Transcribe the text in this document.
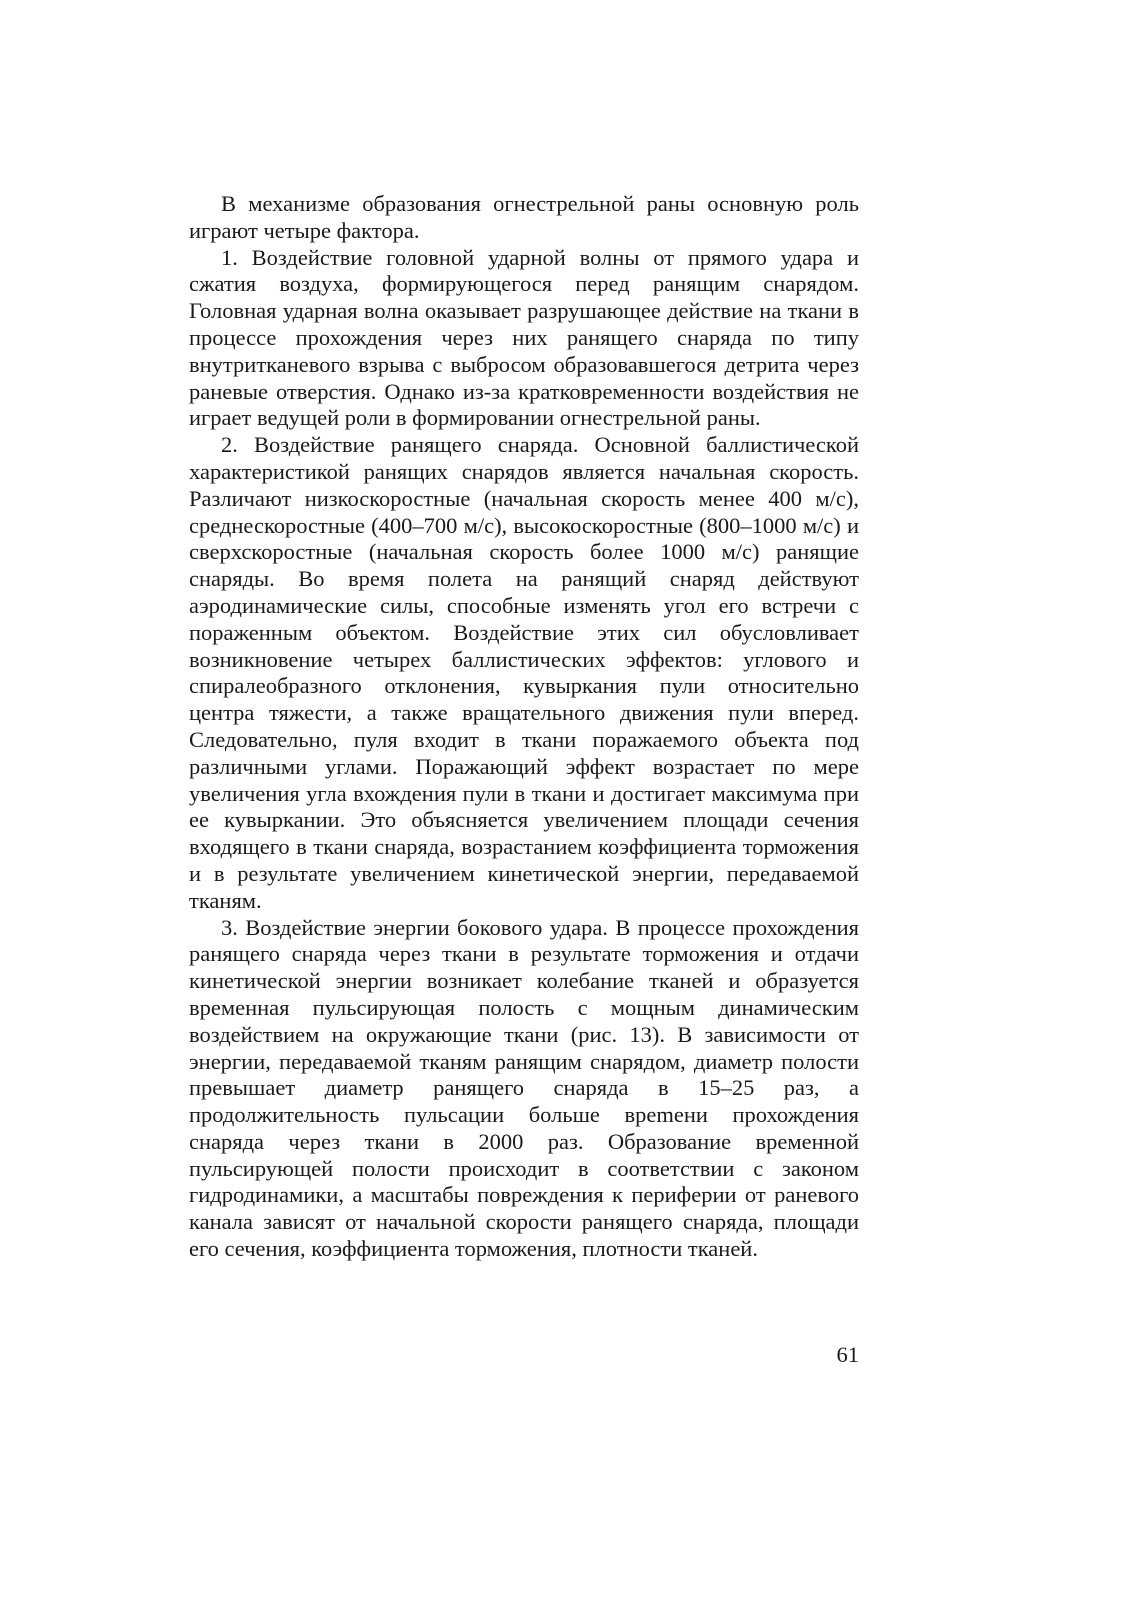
В механизме образования огнестрельной раны основную роль играют четыре фактора.

1. Воздействие головной ударной волны от прямого удара и сжатия воздуха, формирующегося перед ранящим снарядом. Головная ударная волна оказывает разрушающее действие на ткани в процессе прохождения через них ранящего снаряда по типу внутритканевого взрыва с выбросом образовавшегося детрита через раневые отверстия. Однако из-за кратковременности воздействия не играет ведущей роли в формировании огнестрельной раны.

2. Воздействие ранящего снаряда. Основной баллистической характеристикой ранящих снарядов является начальная скорость. Различают низкоскоростные (начальная скорость менее 400 м/с), среднескоростные (400–700 м/с), высокоскоростные (800–1000 м/с) и сверхскоростные (начальная скорость более 1000 м/с) ранящие снаряды. Во время полета на ранящий снаряд действуют аэродинамические силы, способные изменять угол его встречи с пораженным объектом. Воздействие этих сил обусловливает возникновение четырех баллистических эффектов: углового и спиралеобразного отклонения, кувыркания пули относительно центра тяжести, а также вращательного движения пули вперед. Следовательно, пуля входит в ткани поражаемого объекта под различными углами. Поражающий эффект возрастает по мере увеличения угла вхождения пули в ткани и достигает максимума при ее кувыркании. Это объясняется увеличением площади сечения входящего в ткани снаряда, возрастанием коэффициента торможения и в результате увеличением кинетической энергии, передаваемой тканям.

3. Воздействие энергии бокового удара. В процессе прохождения ранящего снаряда через ткани в результате торможения и отдачи кинетической энергии возникает колебание тканей и образуется временная пульсирующая полость с мощным динамическим воздействием на окружающие ткани (рис. 13). В зависимости от энергии, передаваемой тканям ранящим снарядом, диаметр полости превышает диаметр ранящего снаряда в 15–25 раз, а продолжительность пульсации больше вреmени прохождения снаряда через ткани в 2000 раз. Образование временной пульсирующей полости происходит в соответствии с законом гидродинамики, а масштабы повреждения к периферии от раневого канала зависят от начальной скорости ранящего снаряда, площади его сечения, коэффициента торможения, плотности тканей.

61
